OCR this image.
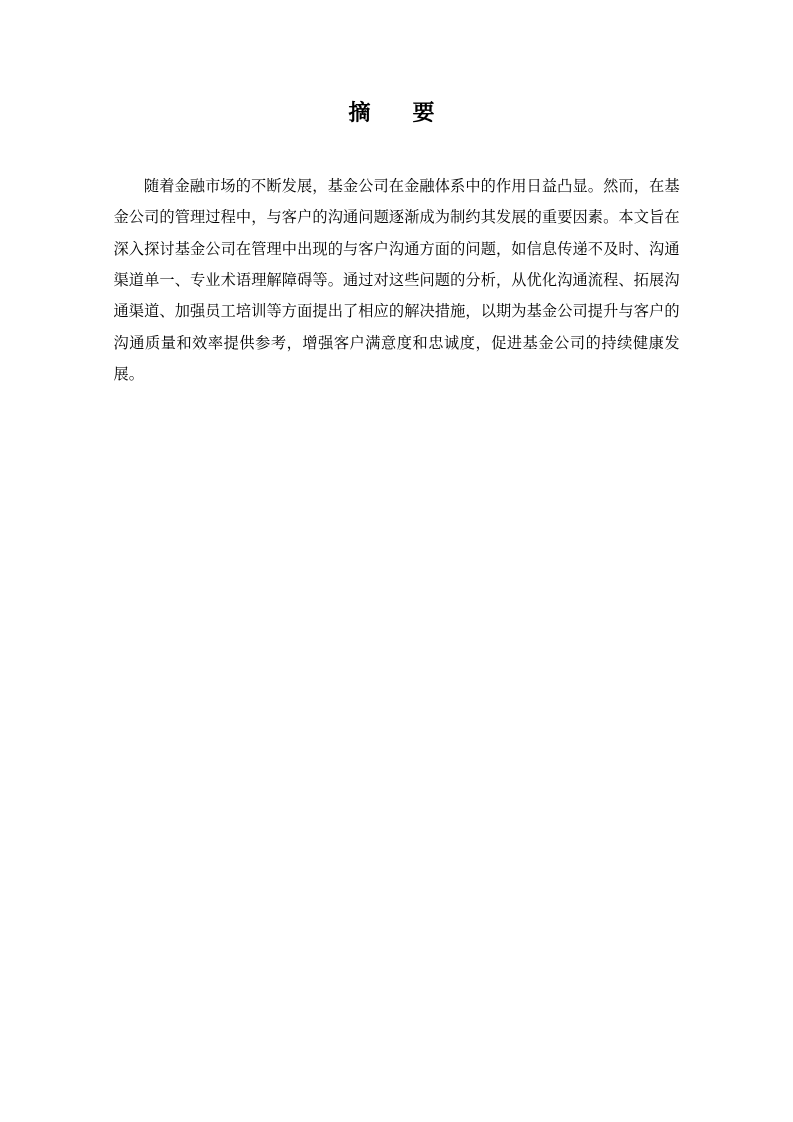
摘　要

随着金融市场的不断发展，基金公司在金融体系中的作用日益凸显。然而，在基金公司的管理过程中，与客户的沟通问题逐渐成为制约其发展的重要因素。本文旨在深入探讨基金公司在管理中出现的与客户沟通方面的问题，如信息传递不及时、沟通渠道单一、专业术语理解障碍等。通过对这些问题的分析，从优化沟通流程、拓展沟通渠道、加强员工培训等方面提出了相应的解决措施，以期为基金公司提升与客户的沟通质量和效率提供参考，增强客户满意度和忠诚度，促进基金公司的持续健康发展。
